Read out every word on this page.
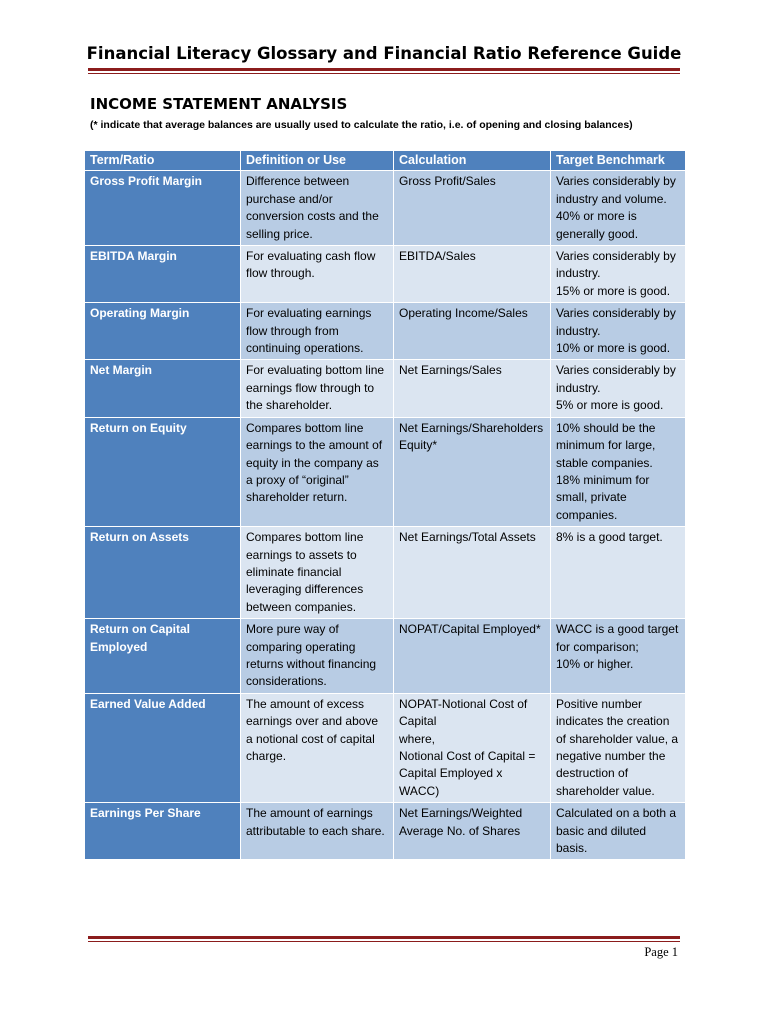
Financial Literacy Glossary and Financial Ratio Reference Guide
INCOME STATEMENT ANALYSIS
(* indicate that average balances are usually used to calculate the ratio, i.e. of opening and closing balances)
Term/Ratio	Definition or Use	Calculation	Target Benchmark
Gross Profit Margin	Difference between purchase and/or conversion costs and the selling price.	Gross Profit/Sales	Varies considerably by industry and volume.
40% or more is generally good.
EBITDA Margin	For evaluating cash flow flow through.	EBITDA/Sales	Varies considerably by industry.
15% or more is good.
Operating Margin	For evaluating earnings flow through from continuing operations.	Operating Income/Sales	Varies considerably by industry.
10% or more is good.
Net Margin	For evaluating bottom line earnings flow through to the shareholder.	Net Earnings/Sales	Varies considerably by industry.
5% or more is good.
Return on Equity	Compares bottom line earnings to the amount of equity in the company as a proxy of “original” shareholder return.	Net Earnings/Shareholders Equity*	10% should be the minimum for large, stable companies.
18% minimum for small, private companies.
Return on Assets	Compares bottom line earnings to assets to eliminate financial leveraging differences between companies.	Net Earnings/Total Assets	8% is a good target.
Return on Capital Employed	More pure way of comparing operating returns without financing considerations.	NOPAT/Capital Employed*	WACC is a good target for comparison;
10% or higher.
Earned Value Added	The amount of excess earnings over and above a notional cost of capital charge.	NOPAT-Notional Cost of Capital
where,
Notional Cost of Capital = Capital Employed x WACC)	Positive number indicates the creation of shareholder value, a negative number the destruction of shareholder value.
Earnings Per Share	The amount of earnings attributable to each share.	Net Earnings/Weighted Average No. of Shares	Calculated on a both a basic and diluted basis.
Page 1
